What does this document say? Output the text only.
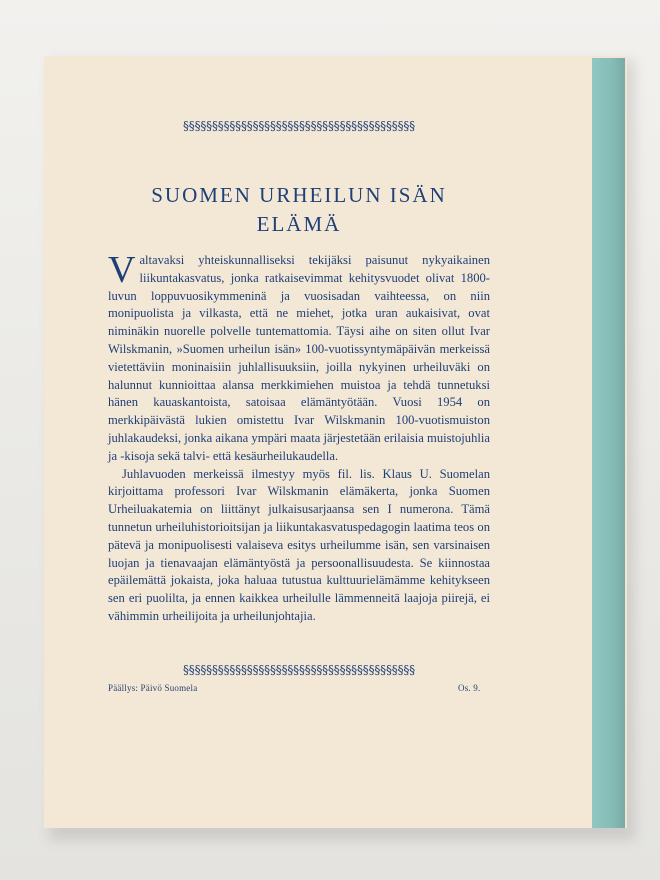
§§§§§§§§§§§§§§§§§§§§§§§§§§§§§§§§§§§§§§§§
SUOMEN URHEILUN ISÄN
ELÄMÄ

Valtavaksi yhteiskunnalliseksi tekijäksi paisunut nykyaikainen liikuntakasvatus, jonka ratkaisevimmat kehitysvuodet olivat 1800-luvun loppuvuosikymmeninä ja vuosisadan vaihteessa, on niin monipuolista ja vilkasta, että ne miehet, jotka uran aukaisivat, ovat niminäkin nuorelle polvelle tuntemattomia. Täysi aihe on siten ollut Ivar Wilskmanin, »Suomen urheilun isän» 100-vuotissyntymäpäivän merkeissä vietettäviin moninaisiin juhlallisuuksiin, joilla nykyinen urheiluväki on halunnut kunnioittaa alansa merkkimiehen muistoa ja tehdä tunnetuksi hänen kauaskantoista, satoisaa elämäntyötään. Vuosi 1954 on merkkipäivästä lukien omistettu Ivar Wilskmanin 100-vuotismuiston juhlakaudeksi, jonka aikana ympäri maata järjestetään erilaisia muistojuhlia ja -kisoja sekä talvi- että kesäurheilukaudella.

Juhlavuoden merkeissä ilmestyy myös fil. lis. Klaus U. Suomelan kirjoittama professori Ivar Wilskmanin elämäkerta, jonka Suomen Urheiluakatemia on liittänyt julkaisusarjaansa sen I numerona. Tämä tunnetun urheiluhistorioitsijan ja liikuntakasvatuspedagogin laatima teos on pätevä ja monipuolisesti valaiseva esitys urheilumme isän, sen varsinaisen luojan ja tienavaajan elämäntyöstä ja persoonallisuudesta. Se kiinnostaa epäilemättä jokaista, joka haluaa tutustua kulttuurielämämme kehitykseen sen eri puolilta, ja ennen kaikkea urheilulle lämmenneitä laajoja piirejä, ei vähimmin urheilijoita ja urheilunjohtajia.

§§§§§§§§§§§§§§§§§§§§§§§§§§§§§§§§§§§§§§§§
Päällys: Päivö Suomela	Os. 9.
